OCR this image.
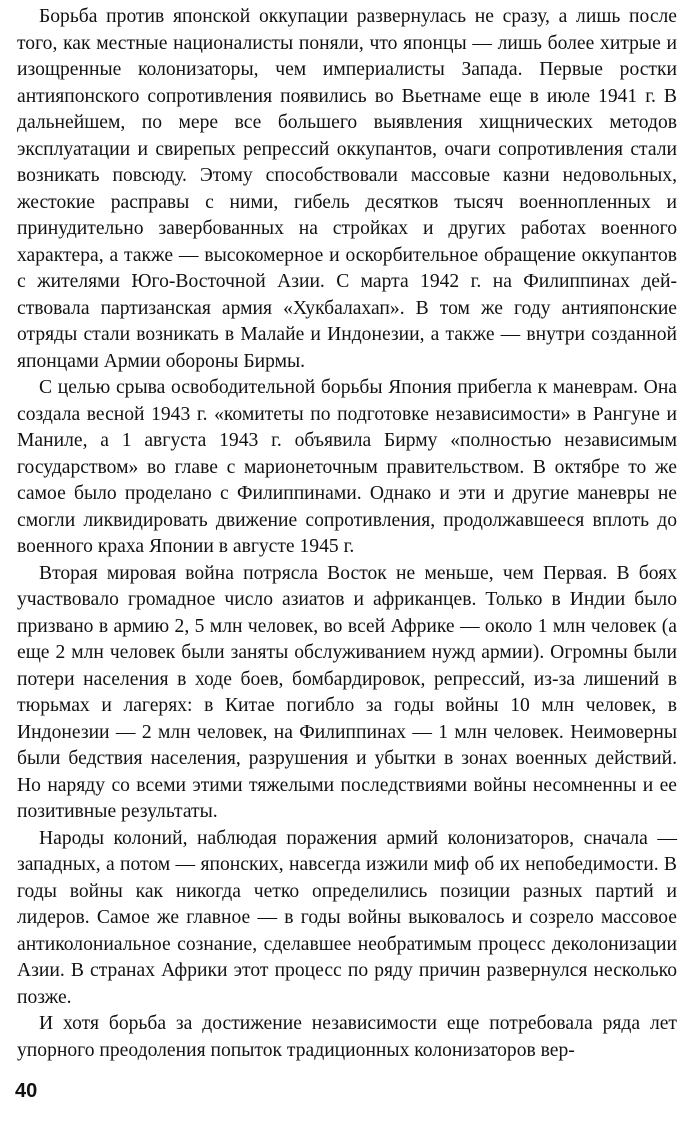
Борьба против японской оккупации развернулась не сразу, а лишь после того, как местные националисты поняли, что японцы — лишь более хитрые и изощренные колонизаторы, чем империалисты Запада. Первые ростки антияпонского сопротивления появились во Вьетнаме еще в июле 1941 г. В дальнейшем, по мере все большего выявления хищнических методов эксплуатации и свирепых репрессий оккупантов, очаги сопротивления стали возникать повсюду. Этому способствовали массовые казни недовольных, жестокие расправы с ними, гибель десятков тысяч военнопленных и принудительно завербованных на стройках и других работах военного характера, а также — высокомерное и оскорбительное обращение оккупантов с жителями Юго-Восточной Азии. С марта 1942 г. на Филиппинах действовала партизанская армия «Хукбалахап». В том же году антияпонские отряды стали возникать в Малайе и Индонезии, а также — внутри созданной японцами Армии обороны Бирмы.

С целью срыва освободительной борьбы Япония прибегла к маневрам. Она создала весной 1943 г. «комитеты по подготовке независимости» в Рангуне и Маниле, а 1 августа 1943 г. объявила Бирму «полностью независимым государством» во главе с марионеточным правительством. В октябре то же самое было проделано с Филиппинами. Однако и эти и другие маневры не смогли ликвидировать движение сопротивления, продолжавшееся вплоть до военного краха Японии в августе 1945 г.

Вторая мировая война потрясла Восток не меньше, чем Первая. В боях участвовало громадное число азиатов и африканцев. Только в Индии было призвано в армию 2, 5 млн человек, во всей Африке — около 1 млн человек (а еще 2 млн человек были заняты обслуживанием нужд армии). Огромны были потери населения в ходе боев, бомбардировок, репрессий, из-за лишений в тюрьмах и лагерях: в Китае погибло за годы войны 10 млн человек, в Индонезии — 2 млн человек, на Филиппинах — 1 млн человек. Неимоверны были бедствия населения, разрушения и убытки в зонах военных действий. Но наряду со всеми этими тяжелыми последствиями войны несомненны и ее позитивные результаты.

Народы колоний, наблюдая поражения армий колонизаторов, сначала — западных, а потом — японских, навсегда изжили миф об их непобедимости. В годы войны как никогда четко определились позиции разных партий и лидеров. Самое же главное — в годы войны выковалось и созрело массовое антиколониальное сознание, сделавшее необратимым процесс деколонизации Азии. В странах Африки этот процесс по ряду причин развернулся несколько позже.

И хотя борьба за достижение независимости еще потребовала ряда лет упорного преодоления попыток традиционных колонизаторов вер-

40
